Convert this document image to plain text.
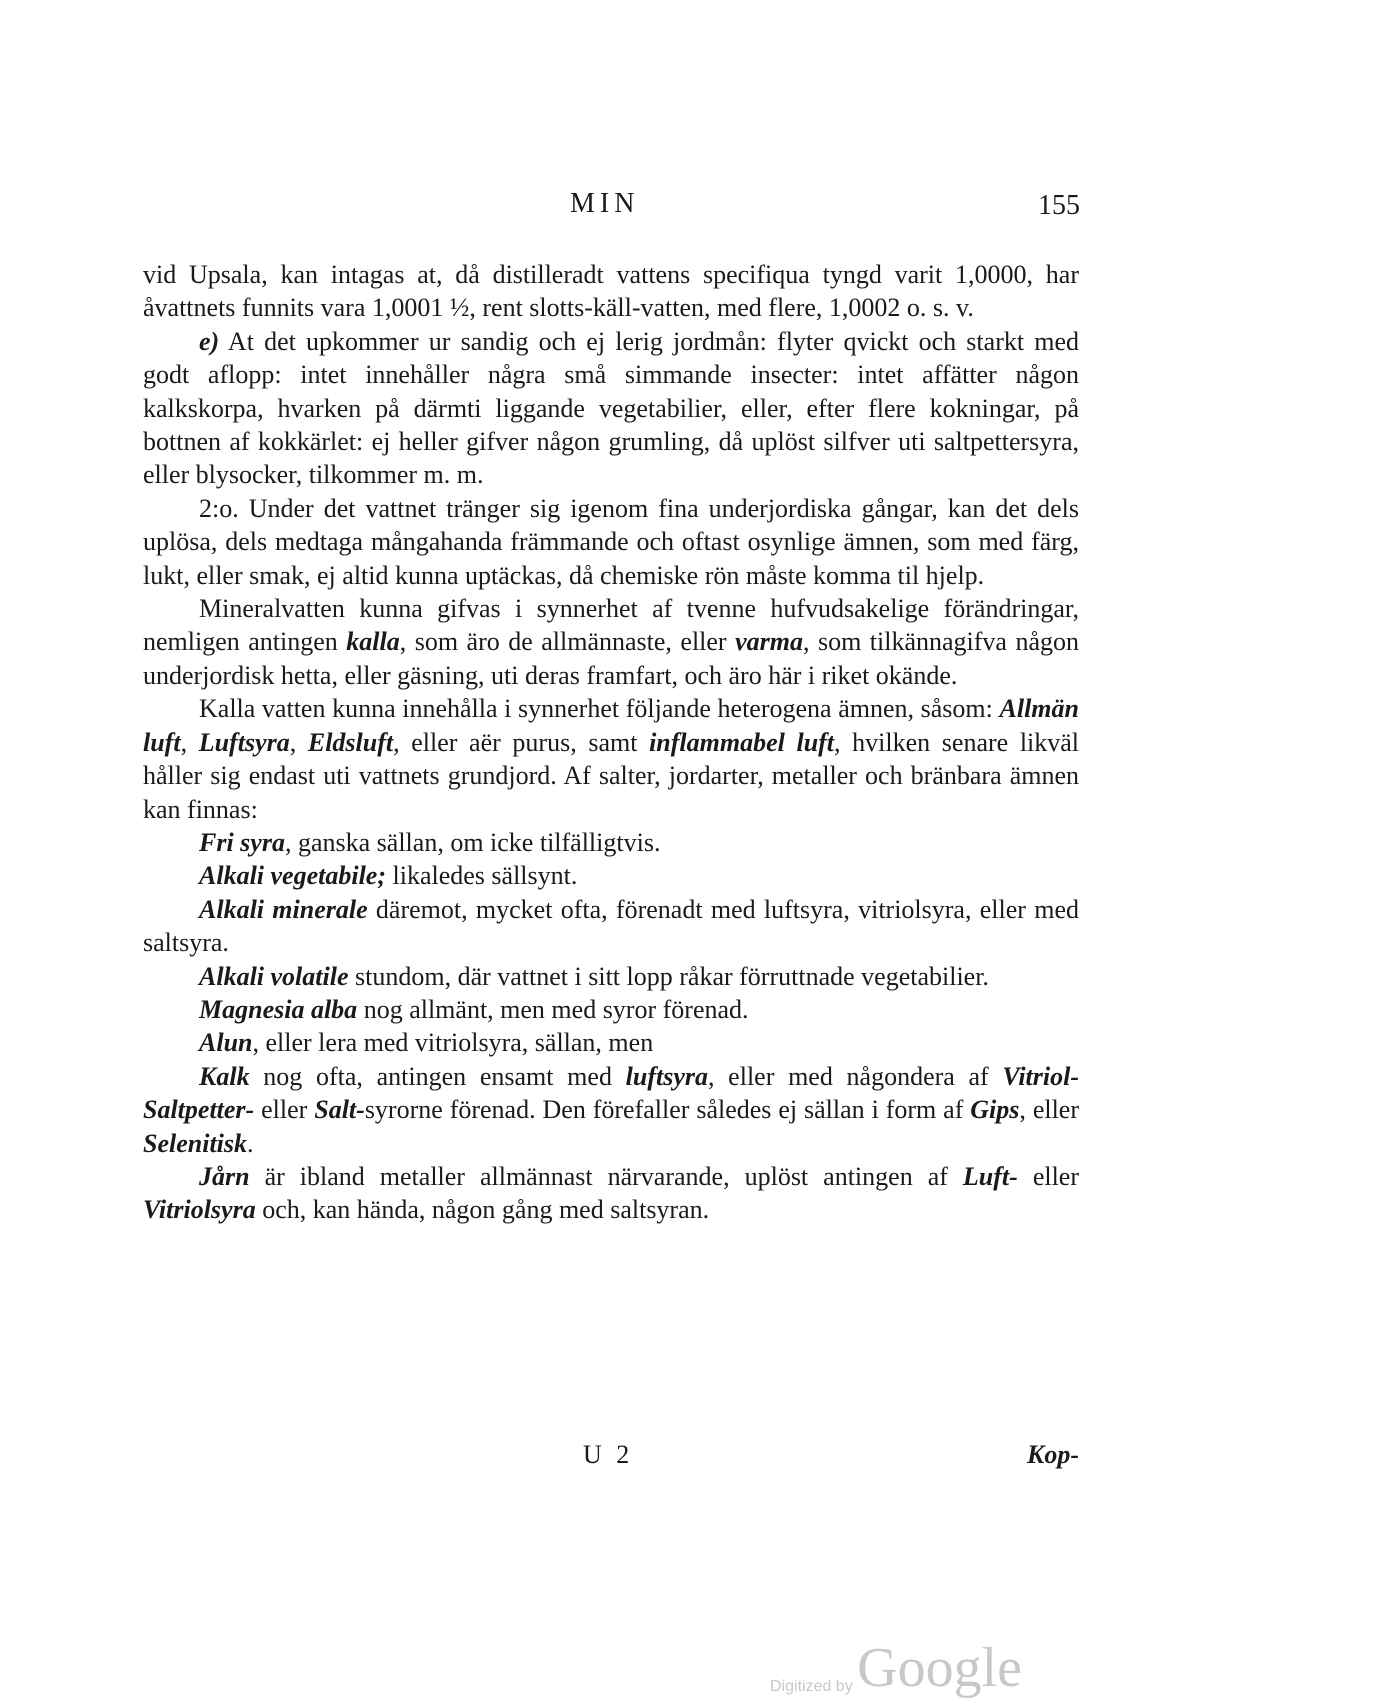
MIN	155

vid Upsala, kan intagas at, då distilleradt vattens specifiqua tyngd varit 1,0000, har åvattnets funnits vara 1,0001 ½, rent slotts-käll-vatten, med flere, 1,0002 o. s. v.

e) At det upkommer ur sandig och ej lerig jordmån: flyter qvickt och starkt med godt aflopp: intet innehåller några små simmande insecter: intet affätter någon kalkskorpa, hvarken på därmti liggande vegetabilier, eller, efter flere kokningar, på bottnen af kokkärlet: ej heller gifver någon grumling, då uplöst silfver uti saltpettersyra, eller blysocker, tilkommer m. m.

2:o. Under det vattnet tränger sig igenom fina underjordiska gångar, kan det dels uplösa, dels medtaga mångahanda främmande och oftast osynlige ämnen, som med färg, lukt, eller smak, ej altid kunna uptäckas, då chemiske rön måste komma til hjelp.

Mineralvatten kunna gifvas i synnerhet af tvenne hufvudsakelige förändringar, nemligen antingen kalla, som äro de allmännaste, eller varma, som tilkännagifva någon underjordisk hetta, eller gäsning, uti deras framfart, och äro här i riket okände.

Kalla vatten kunna innehålla i synnerhet följande heterogena ämnen, såsom: Allmän luft, Luftsyra, Eldsluft, eller aër purus, samt inflammabel luft, hvilken senare likväl håller sig endast uti vattnets grundjord. Af salter, jordarter, metaller och bränbara ämnen kan finnas:

Fri syra, ganska sällan, om icke tilfälligtvis.

Alkali vegetabile; likaledes sällsynt.

Alkali minerale däremot, mycket ofta, förenadt med luftsyra, vitriolsyra, eller med saltsyra.

Alkali volatile stundom, där vattnet i sitt lopp råkar förruttnade vegetabilier.

Magnesia alba nog allmänt, men med syror förenad.

Alun, eller lera med vitriolsyra, sällan, men

Kalk nog ofta, antingen ensamt med luftsyra, eller med någondera af Vitriol-Saltpetter- eller Salt-syrorne förenad. Den förefaller således ej sällan i form af Gips, eller Selenitisk.

Jårn är ibland metaller allmännast närvarande, uplöst antingen af Luft- eller Vitriolsyra och, kan hända, någon gång med saltsyran.

U 2	Kop-
Digitized by Google
